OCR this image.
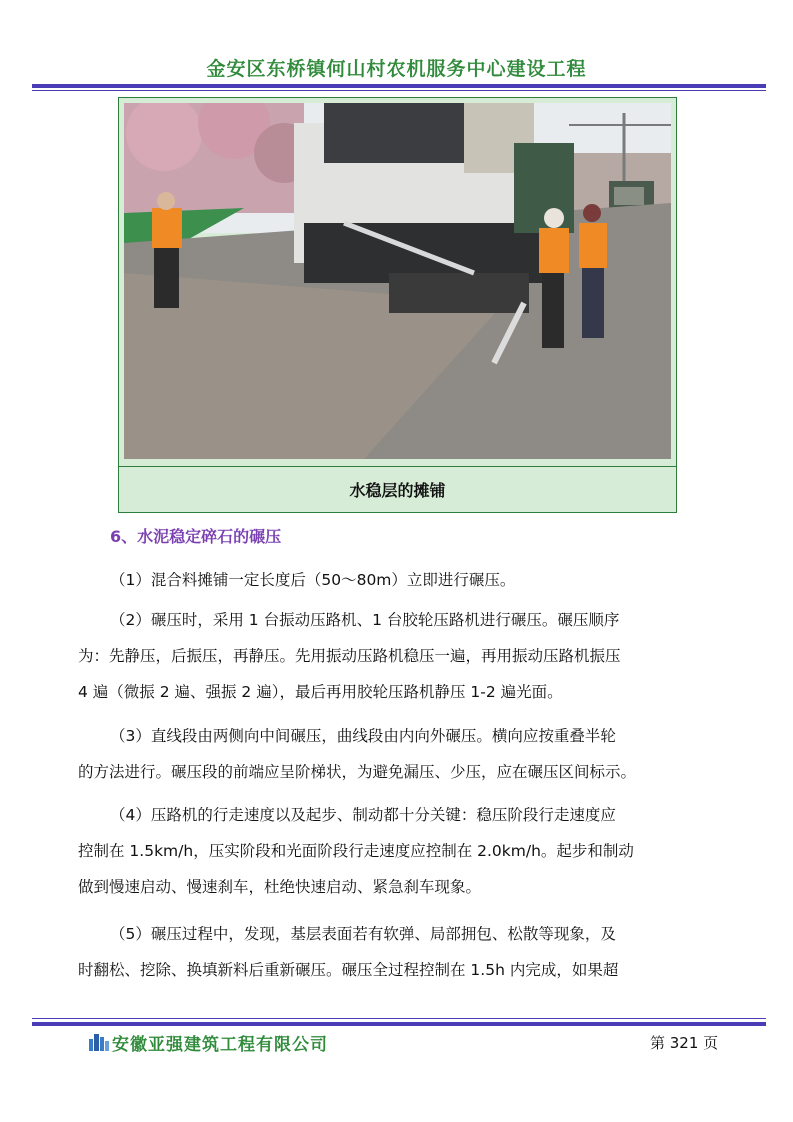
金安区东桥镇何山村农机服务中心建设工程
水稳层的摊铺
6、水泥稳定碎石的碾压
（1）混合料摊铺一定长度后（50～80m）立即进行碾压。
（2）碾压时，采用 1 台振动压路机、1 台胶轮压路机进行碾压。碾压顺序
为：先静压，后振压，再静压。先用振动压路机稳压一遍，再用振动压路机振压
4 遍（微振 2 遍、强振 2 遍），最后再用胶轮压路机静压 1-2 遍光面。
（3）直线段由两侧向中间碾压，曲线段由内向外碾压。横向应按重叠半轮
的方法进行。碾压段的前端应呈阶梯状，为避免漏压、少压，应在碾压区间标示。
（4）压路机的行走速度以及起步、制动都十分关键：稳压阶段行走速度应
控制在 1.5km/h，压实阶段和光面阶段行走速度应控制在 2.0km/h。起步和制动
做到慢速启动、慢速刹车，杜绝快速启动、紧急刹车现象。
（5）碾压过程中，发现，基层表面若有软弹、局部拥包、松散等现象，及
时翻松、挖除、换填新料后重新碾压。碾压全过程控制在 1.5h 内完成，如果超
安徽亚强建筑工程有限公司	第 321 页
